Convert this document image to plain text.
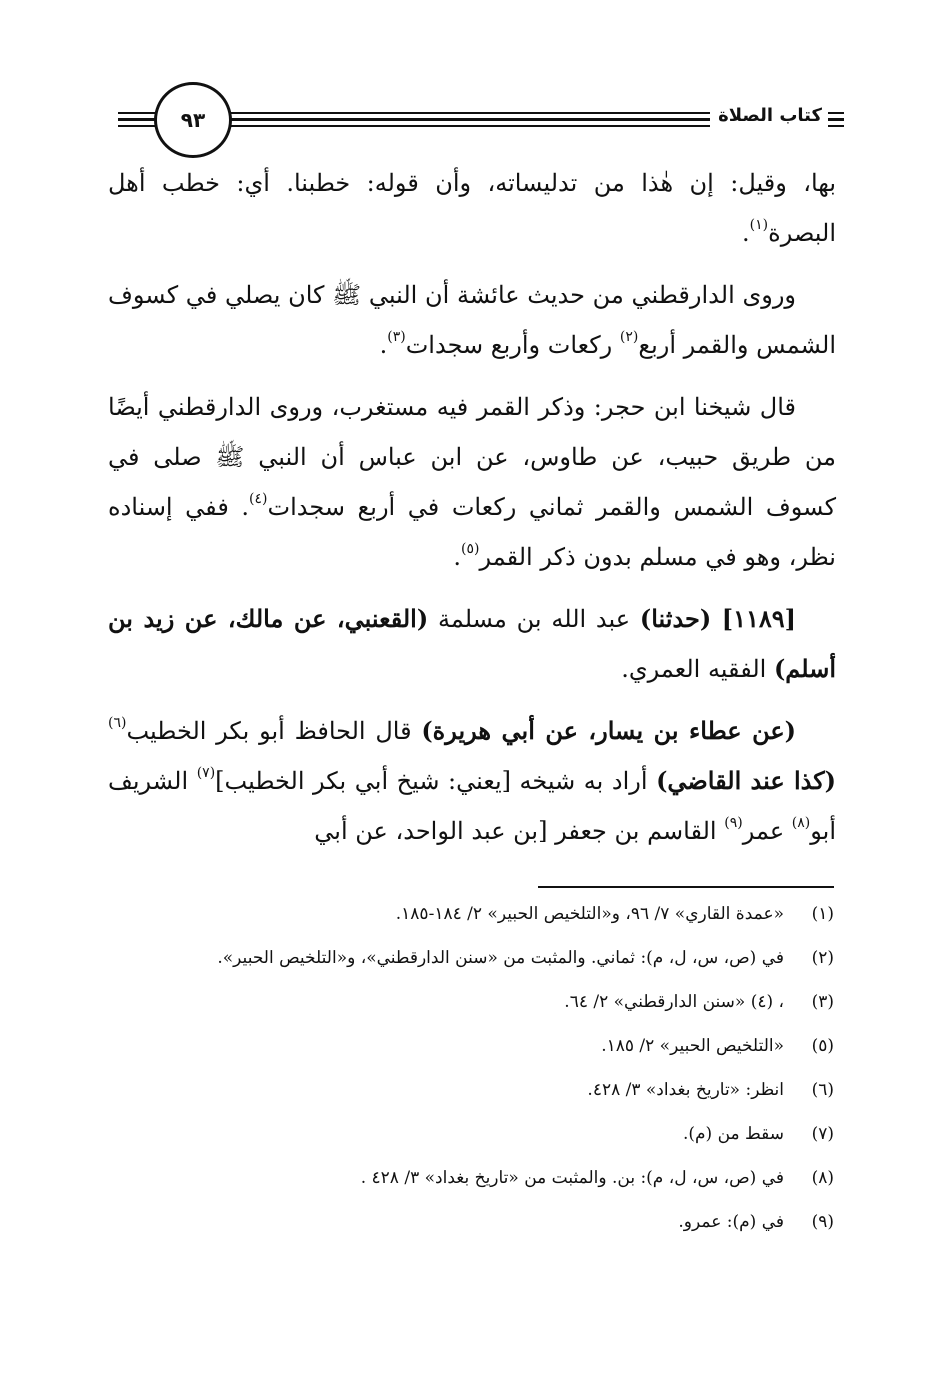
كتاب الصلاة
٩٣

بها، وقيل: إن هٰذا من تدليساته، وأن قوله: خطبنا. أي: خطب أهل البصرة$^{(١)}$.

وروى الدارقطني من حديث عائشة أن النبي ﷺ كان يصلي في كسوف الشمس والقمر أربع$^{(٢)}$ ركعات وأربع سجدات$^{(٣)}$.

قال شيخنا ابن حجر: وذكر القمر فيه مستغرب، وروى الدارقطني أيضًا من طريق حبيب، عن طاوس، عن ابن عباس أن النبي ﷺ صلى في كسوف الشمس والقمر ثماني ركعات في أربع سجدات$^{(٤)}$. ففي إسناده نظر، وهو في مسلم بدون ذكر القمر$^{(٥)}$.

[١١٨٩] (حدثنا) عبد الله بن مسلمة (القعنبي، عن مالك، عن زيد بن أسلم) الفقيه العمري.

(عن عطاء بن يسار، عن أبي هريرة) قال الحافظ أبو بكر الخطيب$^{(٦)}$ (كذا عند القاضي) أراد به شيخه [يعني: شيخ أبي بكر الخطيب]$^{(٧)}$ الشريف أبو$^{(٨)}$ عمر$^{(٩)}$ القاسم بن جعفر [بن عبد الواحد، عن أبي

(١)
«عمدة القاري» ٧/ ٩٦، و«التلخيص الحبير» ٢/ ١٨٤-١٨٥.
(٢)
في (ص، س، ل، م): ثماني. والمثبت من «سنن الدارقطني»، و«التلخيص الحبير».
(٣)
، (٤) «سنن الدارقطني» ٢/ ٦٤.
(٥)
«التلخيص الحبير» ٢/ ١٨٥.
(٦)
انظر: «تاريخ بغداد» ٣/ ٤٢٨.
(٧)
سقط من (م).
(٨)
في (ص، س، ل، م): بن. والمثبت من «تاريخ بغداد» ٣/ ٤٢٨ .
(٩)
في (م): عمرو.
